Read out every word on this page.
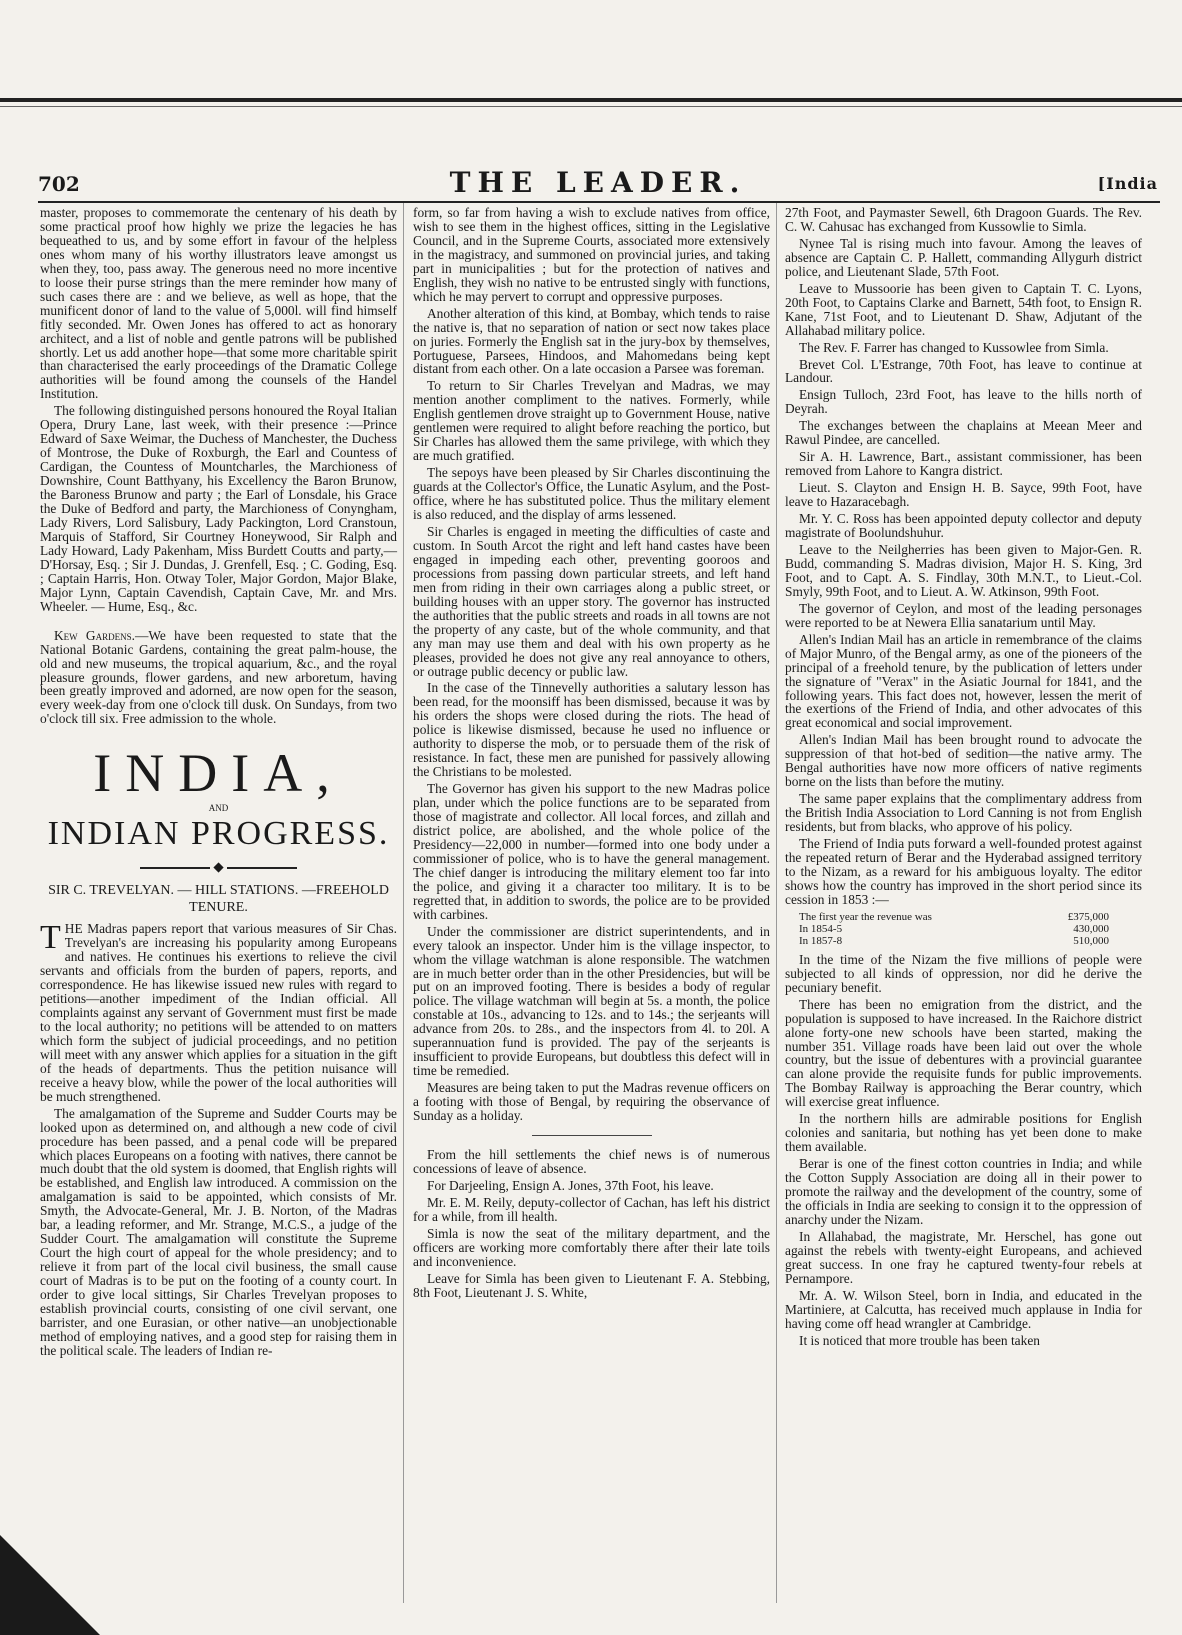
702	THE LEADER.	[India

master, proposes to commemorate the centenary of his death by some practical proof how highly we prize the legacies he has bequeathed to us, and by some effort in favour of the helpless ones whom many of his worthy illustrators leave amongst us when they, too, pass away. The generous need no more incentive to loose their purse strings than the mere reminder how many of such cases there are : and we believe, as well as hope, that the munificent donor of land to the value of 5,000l. will find himself fitly seconded. Mr. Owen Jones has offered to act as honorary architect, and a list of noble and gentle patrons will be published shortly. Let us add another hope—that some more charitable spirit than characterised the early proceedings of the Dramatic College authorities will be found among the counsels of the Handel Institution.

The following distinguished persons honoured the Royal Italian Opera, Drury Lane, last week, with their presence :—Prince Edward of Saxe Weimar, the Duchess of Manchester, the Duchess of Montrose, the Duke of Roxburgh, the Earl and Countess of Cardigan, the Countess of Mountcharles, the Marchioness of Downshire, Count Batthyany, his Excellency the Baron Brunow, the Baroness Brunow and party ; the Earl of Lonsdale, his Grace the Duke of Bedford and party, the Marchioness of Conyngham, Lady Rivers, Lord Salisbury, Lady Packington, Lord Cranstoun, Marquis of Stafford, Sir Courtney Honeywood, Sir Ralph and Lady Howard, Lady Pakenham, Miss Burdett Coutts and party,—D'Horsay, Esq. ; Sir J. Dundas, J. Grenfell, Esq. ; C. Goding, Esq. ; Captain Harris, Hon. Otway Toler, Major Gordon, Major Blake, Major Lynn, Captain Cavendish, Captain Cave, Mr. and Mrs. Wheeler. — Hume, Esq., &c.

Kew Gardens.—We have been requested to state that the National Botanic Gardens, containing the great palm-house, the old and new museums, the tropical aquarium, &c., and the royal pleasure grounds, flower gardens, and new arboretum, having been greatly improved and adorned, are now open for the season, every week-day from one o'clock till dusk. On Sundays, from two o'clock till six. Free admission to the whole.

INDIA,
AND
INDIAN PROGRESS.
◆
SIR C. TREVELYAN. — HILL STATIONS. —FREEHOLD TENURE.

THE Madras papers report that various measures of Sir Chas. Trevelyan's are increasing his popularity among Europeans and natives. He continues his exertions to relieve the civil servants and officials from the burden of papers, reports, and correspondence. He has likewise issued new rules with regard to petitions—another impediment of the Indian official. All complaints against any servant of Government must first be made to the local authority; no petitions will be attended to on matters which form the subject of judicial proceedings, and no petition will meet with any answer which applies for a situation in the gift of the heads of departments. Thus the petition nuisance will receive a heavy blow, while the power of the local authorities will be much strengthened.

The amalgamation of the Supreme and Sudder Courts may be looked upon as determined on, and although a new code of civil procedure has been passed, and a penal code will be prepared which places Europeans on a footing with natives, there cannot be much doubt that the old system is doomed, that English rights will be established, and English law introduced. A commission on the amalgamation is said to be appointed, which consists of Mr. Smyth, the Advocate-General, Mr. J. B. Norton, of the Madras bar, a leading reformer, and Mr. Strange, M.C.S., a judge of the Sudder Court. The amalgamation will constitute the Supreme Court the high court of appeal for the whole presidency; and to relieve it from part of the local civil business, the small cause court of Madras is to be put on the footing of a county court. In order to give local sittings, Sir Charles Trevelyan proposes to establish provincial courts, consisting of one civil servant, one barrister, and one Eurasian, or other native—an unobjectionable method of employing natives, and a good step for raising them in the political scale. The leaders of Indian re-

form, so far from having a wish to exclude natives from office, wish to see them in the highest offices, sitting in the Legislative Council, and in the Supreme Courts, associated more extensively in the magistracy, and summoned on provincial juries, and taking part in municipalities ; but for the protection of natives and English, they wish no native to be entrusted singly with functions, which he may pervert to corrupt and oppressive purposes.

Another alteration of this kind, at Bombay, which tends to raise the native is, that no separation of nation or sect now takes place on juries. Formerly the English sat in the jury-box by themselves, Portuguese, Parsees, Hindoos, and Mahomedans being kept distant from each other. On a late occasion a Parsee was foreman.

To return to Sir Charles Trevelyan and Madras, we may mention another compliment to the natives. Formerly, while English gentlemen drove straight up to Government House, native gentlemen were required to alight before reaching the portico, but Sir Charles has allowed them the same privilege, with which they are much gratified.

The sepoys have been pleased by Sir Charles discontinuing the guards at the Collector's Office, the Lunatic Asylum, and the Post-office, where he has substituted police. Thus the military element is also reduced, and the display of arms lessened.

Sir Charles is engaged in meeting the difficulties of caste and custom. In South Arcot the right and left hand castes have been engaged in impeding each other, preventing gooroos and processions from passing down particular streets, and left hand men from riding in their own carriages along a public street, or building houses with an upper story. The governor has instructed the authorities that the public streets and roads in all towns are not the property of any caste, but of the whole community, and that any man may use them and deal with his own property as he pleases, provided he does not give any real annoyance to others, or outrage public decency or public law.

In the case of the Tinnevelly authorities a salutary lesson has been read, for the moonsiff has been dismissed, because it was by his orders the shops were closed during the riots. The head of police is likewise dismissed, because he used no influence or authority to disperse the mob, or to persuade them of the risk of resistance. In fact, these men are punished for passively allowing the Christians to be molested.

The Governor has given his support to the new Madras police plan, under which the police functions are to be separated from those of magistrate and collector. All local forces, and zillah and district police, are abolished, and the whole police of the Presidency—22,000 in number—formed into one body under a commissioner of police, who is to have the general management. The chief danger is introducing the military element too far into the police, and giving it a character too military. It is to be regretted that, in addition to swords, the police are to be provided with carbines.

Under the commissioner are district superintendents, and in every talook an inspector. Under him is the village inspector, to whom the village watchman is alone responsible. The watchmen are in much better order than in the other Presidencies, but will be put on an improved footing. There is besides a body of regular police. The village watchman will begin at 5s. a month, the police constable at 10s., advancing to 12s. and to 14s.; the serjeants will advance from 20s. to 28s., and the inspectors from 4l. to 20l. A superannuation fund is provided. The pay of the serjeants is insufficient to provide Europeans, but doubtless this defect will in time be remedied.

Measures are being taken to put the Madras revenue officers on a footing with those of Bengal, by requiring the observance of Sunday as a holiday.

From the hill settlements the chief news is of numerous concessions of leave of absence.

For Darjeeling, Ensign A. Jones, 37th Foot, his leave.

Mr. E. M. Reily, deputy-collector of Cachan, has left his district for a while, from ill health.

Simla is now the seat of the military department, and the officers are working more comfortably there after their late toils and inconvenience.

Leave for Simla has been given to Lieutenant F. A. Stebbing, 8th Foot, Lieutenant J. S. White,

27th Foot, and Paymaster Sewell, 6th Dragoon Guards. The Rev. C. W. Cahusac has exchanged from Kussowlie to Simla.

Nynee Tal is rising much into favour. Among the leaves of absence are Captain C. P. Hallett, commanding Allygurh district police, and Lieutenant Slade, 57th Foot.

Leave to Mussoorie has been given to Captain T. C. Lyons, 20th Foot, to Captains Clarke and Barnett, 54th foot, to Ensign R. Kane, 71st Foot, and to Lieutenant D. Shaw, Adjutant of the Allahabad military police.

The Rev. F. Farrer has changed to Kussowlee from Simla.

Brevet Col. L'Estrange, 70th Foot, has leave to continue at Landour.

Ensign Tulloch, 23rd Foot, has leave to the hills north of Deyrah.

The exchanges between the chaplains at Meean Meer and Rawul Pindee, are cancelled.

Sir A. H. Lawrence, Bart., assistant commissioner, has been removed from Lahore to Kangra district.

Lieut. S. Clayton and Ensign H. B. Sayce, 99th Foot, have leave to Hazaracebagh.

Mr. Y. C. Ross has been appointed deputy collector and deputy magistrate of Boolundshuhur.

Leave to the Neilgherries has been given to Major-Gen. R. Budd, commanding S. Madras division, Major H. S. King, 3rd Foot, and to Capt. A. S. Findlay, 30th M.N.T., to Lieut.-Col. Smyly, 99th Foot, and to Lieut. A. W. Atkinson, 99th Foot.

The governor of Ceylon, and most of the leading personages were reported to be at Newera Ellia sanatarium until May.

Allen's Indian Mail has an article in remembrance of the claims of Major Munro, of the Bengal army, as one of the pioneers of the principal of a freehold tenure, by the publication of letters under the signature of "Verax" in the Asiatic Journal for 1841, and the following years. This fact does not, however, lessen the merit of the exertions of the Friend of India, and other advocates of this great economical and social improvement.

Allen's Indian Mail has been brought round to advocate the suppression of that hot-bed of sedition—the native army. The Bengal authorities have now more officers of native regiments borne on the lists than before the mutiny.

The same paper explains that the complimentary address from the British India Association to Lord Canning is not from English residents, but from blacks, who approve of his policy.

The Friend of India puts forward a well-founded protest against the repeated return of Berar and the Hyderabad assigned territory to the Nizam, as a reward for his ambiguous loyalty. The editor shows how the country has improved in the short period since its cession in 1853 :—

The first year the revenue was	£375,000
In 1854-5	430,000
In 1857-8	510,000

In the time of the Nizam the five millions of people were subjected to all kinds of oppression, nor did he derive the pecuniary benefit.

There has been no emigration from the district, and the population is supposed to have increased. In the Raichore district alone forty-one new schools have been started, making the number 351. Village roads have been laid out over the whole country, but the issue of debentures with a provincial guarantee can alone provide the requisite funds for public improvements. The Bombay Railway is approaching the Berar country, which will exercise great influence.

In the northern hills are admirable positions for English colonies and sanitaria, but nothing has yet been done to make them available.

Berar is one of the finest cotton countries in India; and while the Cotton Supply Association are doing all in their power to promote the railway and the development of the country, some of the officials in India are seeking to consign it to the oppression of anarchy under the Nizam.

In Allahabad, the magistrate, Mr. Herschel, has gone out against the rebels with twenty-eight Europeans, and achieved great success. In one fray he captured twenty-four rebels at Pernampore.

Mr. A. W. Wilson Steel, born in India, and educated in the Martiniere, at Calcutta, has received much applause in India for having come off head wrangler at Cambridge.

It is noticed that more trouble has been taken
